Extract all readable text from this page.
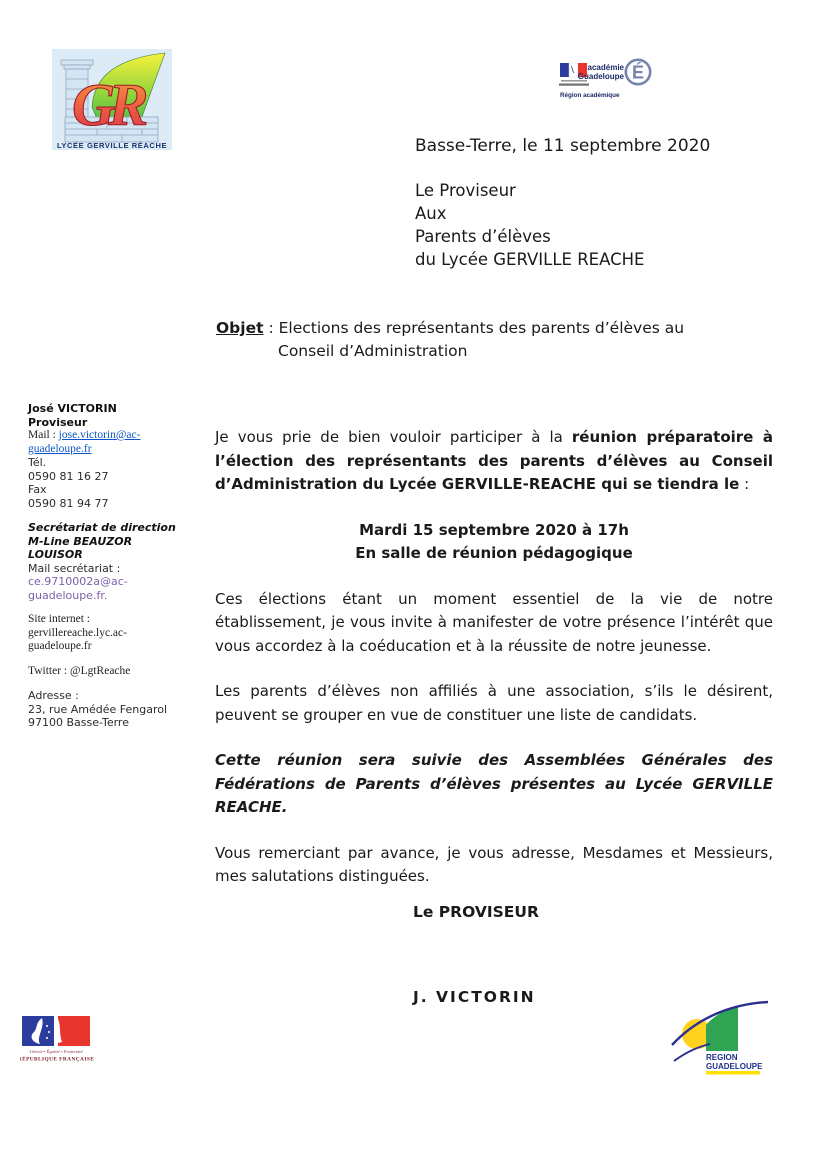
GR
LYCÉE GERVILLE RÉACHE
académie
Guadeloupe É
Région académique
Basse-Terre, le 11 septembre 2020
Le Proviseur
Aux
Parents d’élèves
du Lycée GERVILLE REACHE
Objet : Elections des représentants des parents d’élèves au
Conseil d’Administration
José VICTORIN
Proviseur
Mail : jose.victorin@ac-guadeloupe.fr
Tél.
0590 81 16 27
Fax
0590 81 94 77
Secrétariat de direction
M-Line BEAUZOR LOUISOR
Mail secrétariat :
ce.9710002a@ac-guadeloupe.fr.
Site internet :
gervillereache.lyc.ac-guadeloupe.fr
Twitter : @LgtReache
Adresse :
23, rue Amédée Fengarol
97100 Basse-Terre

Je vous prie de bien vouloir participer à la réunion préparatoire à l’élection des représentants des parents d’élèves au Conseil d’Administration du Lycée GERVILLE-REACHE qui se tiendra le :

Mardi 15 septembre 2020 à 17h
En salle de réunion pédagogique

Ces élections étant un moment essentiel de la vie de notre établissement, je vous invite à manifester de votre présence l’intérêt que vous accordez à la coéducation et à la réussite de notre jeunesse.

Les parents d’élèves non affiliés à une association, s’ils le désirent, peuvent se grouper en vue de constituer une liste de candidats.

Cette réunion sera suivie des Assemblées Générales des Fédérations de Parents d’élèves présentes au Lycée GERVILLE REACHE.

Vous remerciant par avance, je vous adresse, Mesdames et Messieurs, mes salutations distinguées.

Le PROVISEUR
J. VICTORIN
Liberté • Égalité • Fraternité
RÉPUBLIQUE FRANÇAISE	REGION
GUADELOUPE
